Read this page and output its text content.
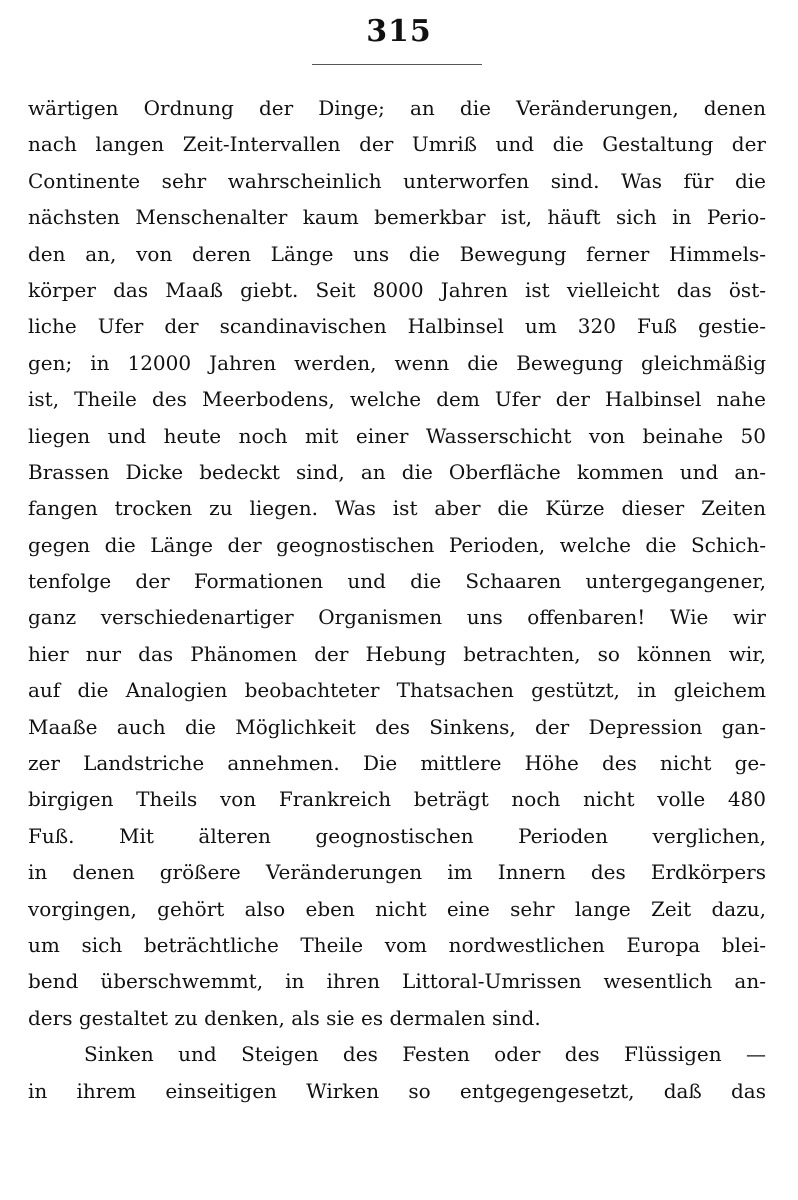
315
wärtigen Ordnung der Dinge; an die Veränderungen, denen
nach langen Zeit-Intervallen der Umriß und die Gestaltung der
Continente sehr wahrscheinlich unterworfen sind. Was für die
nächsten Menschenalter kaum bemerkbar ist, häuft sich in Perio-
den an, von deren Länge uns die Bewegung ferner Himmels-
körper das Maaß giebt. Seit 8000 Jahren ist vielleicht das öst-
liche Ufer der scandinavischen Halbinsel um 320 Fuß gestie-
gen; in 12000 Jahren werden, wenn die Bewegung gleichmäßig
ist, Theile des Meerbodens, welche dem Ufer der Halbinsel nahe
liegen und heute noch mit einer Wasserschicht von beinahe 50
Brassen Dicke bedeckt sind, an die Oberfläche kommen und an-
fangen trocken zu liegen. Was ist aber die Kürze dieser Zeiten
gegen die Länge der geognostischen Perioden, welche die Schich-
tenfolge der Formationen und die Schaaren untergegangener,
ganz verschiedenartiger Organismen uns offenbaren! Wie wir
hier nur das Phänomen der Hebung betrachten, so können wir,
auf die Analogien beobachteter Thatsachen gestützt, in gleichem
Maaße auch die Möglichkeit des Sinkens, der Depression gan-
zer Landstriche annehmen. Die mittlere Höhe des nicht ge-
birgigen Theils von Frankreich beträgt noch nicht volle 480
Fuß. Mit älteren geognostischen Perioden verglichen,
in denen größere Veränderungen im Innern des Erdkörpers
vorgingen, gehört also eben nicht eine sehr lange Zeit dazu,
um sich beträchtliche Theile vom nordwestlichen Europa blei-
bend überschwemmt, in ihren Littoral-Umrissen wesentlich an-
ders gestaltet zu denken, als sie es dermalen sind.
Sinken und Steigen des Festen oder des Flüssigen —
in ihrem einseitigen Wirken so entgegengesetzt, daß das
